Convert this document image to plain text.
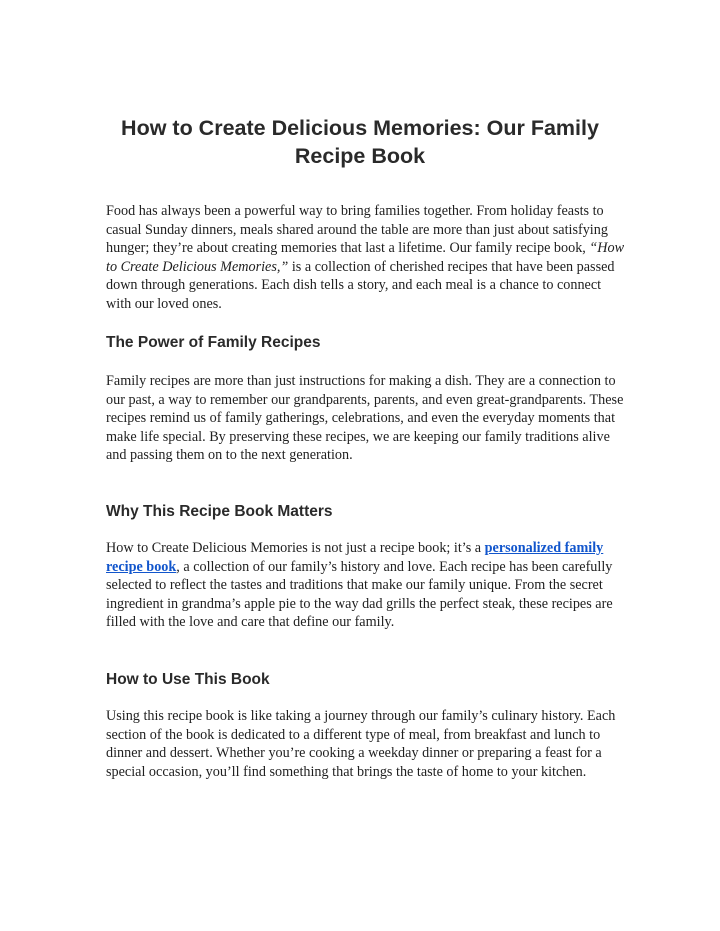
How to Create Delicious Memories: Our Family Recipe Book

Food has always been a powerful way to bring families together. From holiday feasts to casual Sunday dinners, meals shared around the table are more than just about satisfying hunger; they’re about creating memories that last a lifetime. Our family recipe book, “How to Create Delicious Memories,” is a collection of cherished recipes that have been passed down through generations. Each dish tells a story, and each meal is a chance to connect with our loved ones.

The Power of Family Recipes

Family recipes are more than just instructions for making a dish. They are a connection to our past, a way to remember our grandparents, parents, and even great-grandparents. These recipes remind us of family gatherings, celebrations, and even the everyday moments that make life special. By preserving these recipes, we are keeping our family traditions alive and passing them on to the next generation.

Why This Recipe Book Matters

How to Create Delicious Memories is not just a recipe book; it’s a personalized family recipe book, a collection of our family’s history and love. Each recipe has been carefully selected to reflect the tastes and traditions that make our family unique. From the secret ingredient in grandma’s apple pie to the way dad grills the perfect steak, these recipes are filled with the love and care that define our family.

How to Use This Book

Using this recipe book is like taking a journey through our family’s culinary history. Each section of the book is dedicated to a different type of meal, from breakfast and lunch to dinner and dessert. Whether you’re cooking a weekday dinner or preparing a feast for a special occasion, you’ll find something that brings the taste of home to your kitchen.
